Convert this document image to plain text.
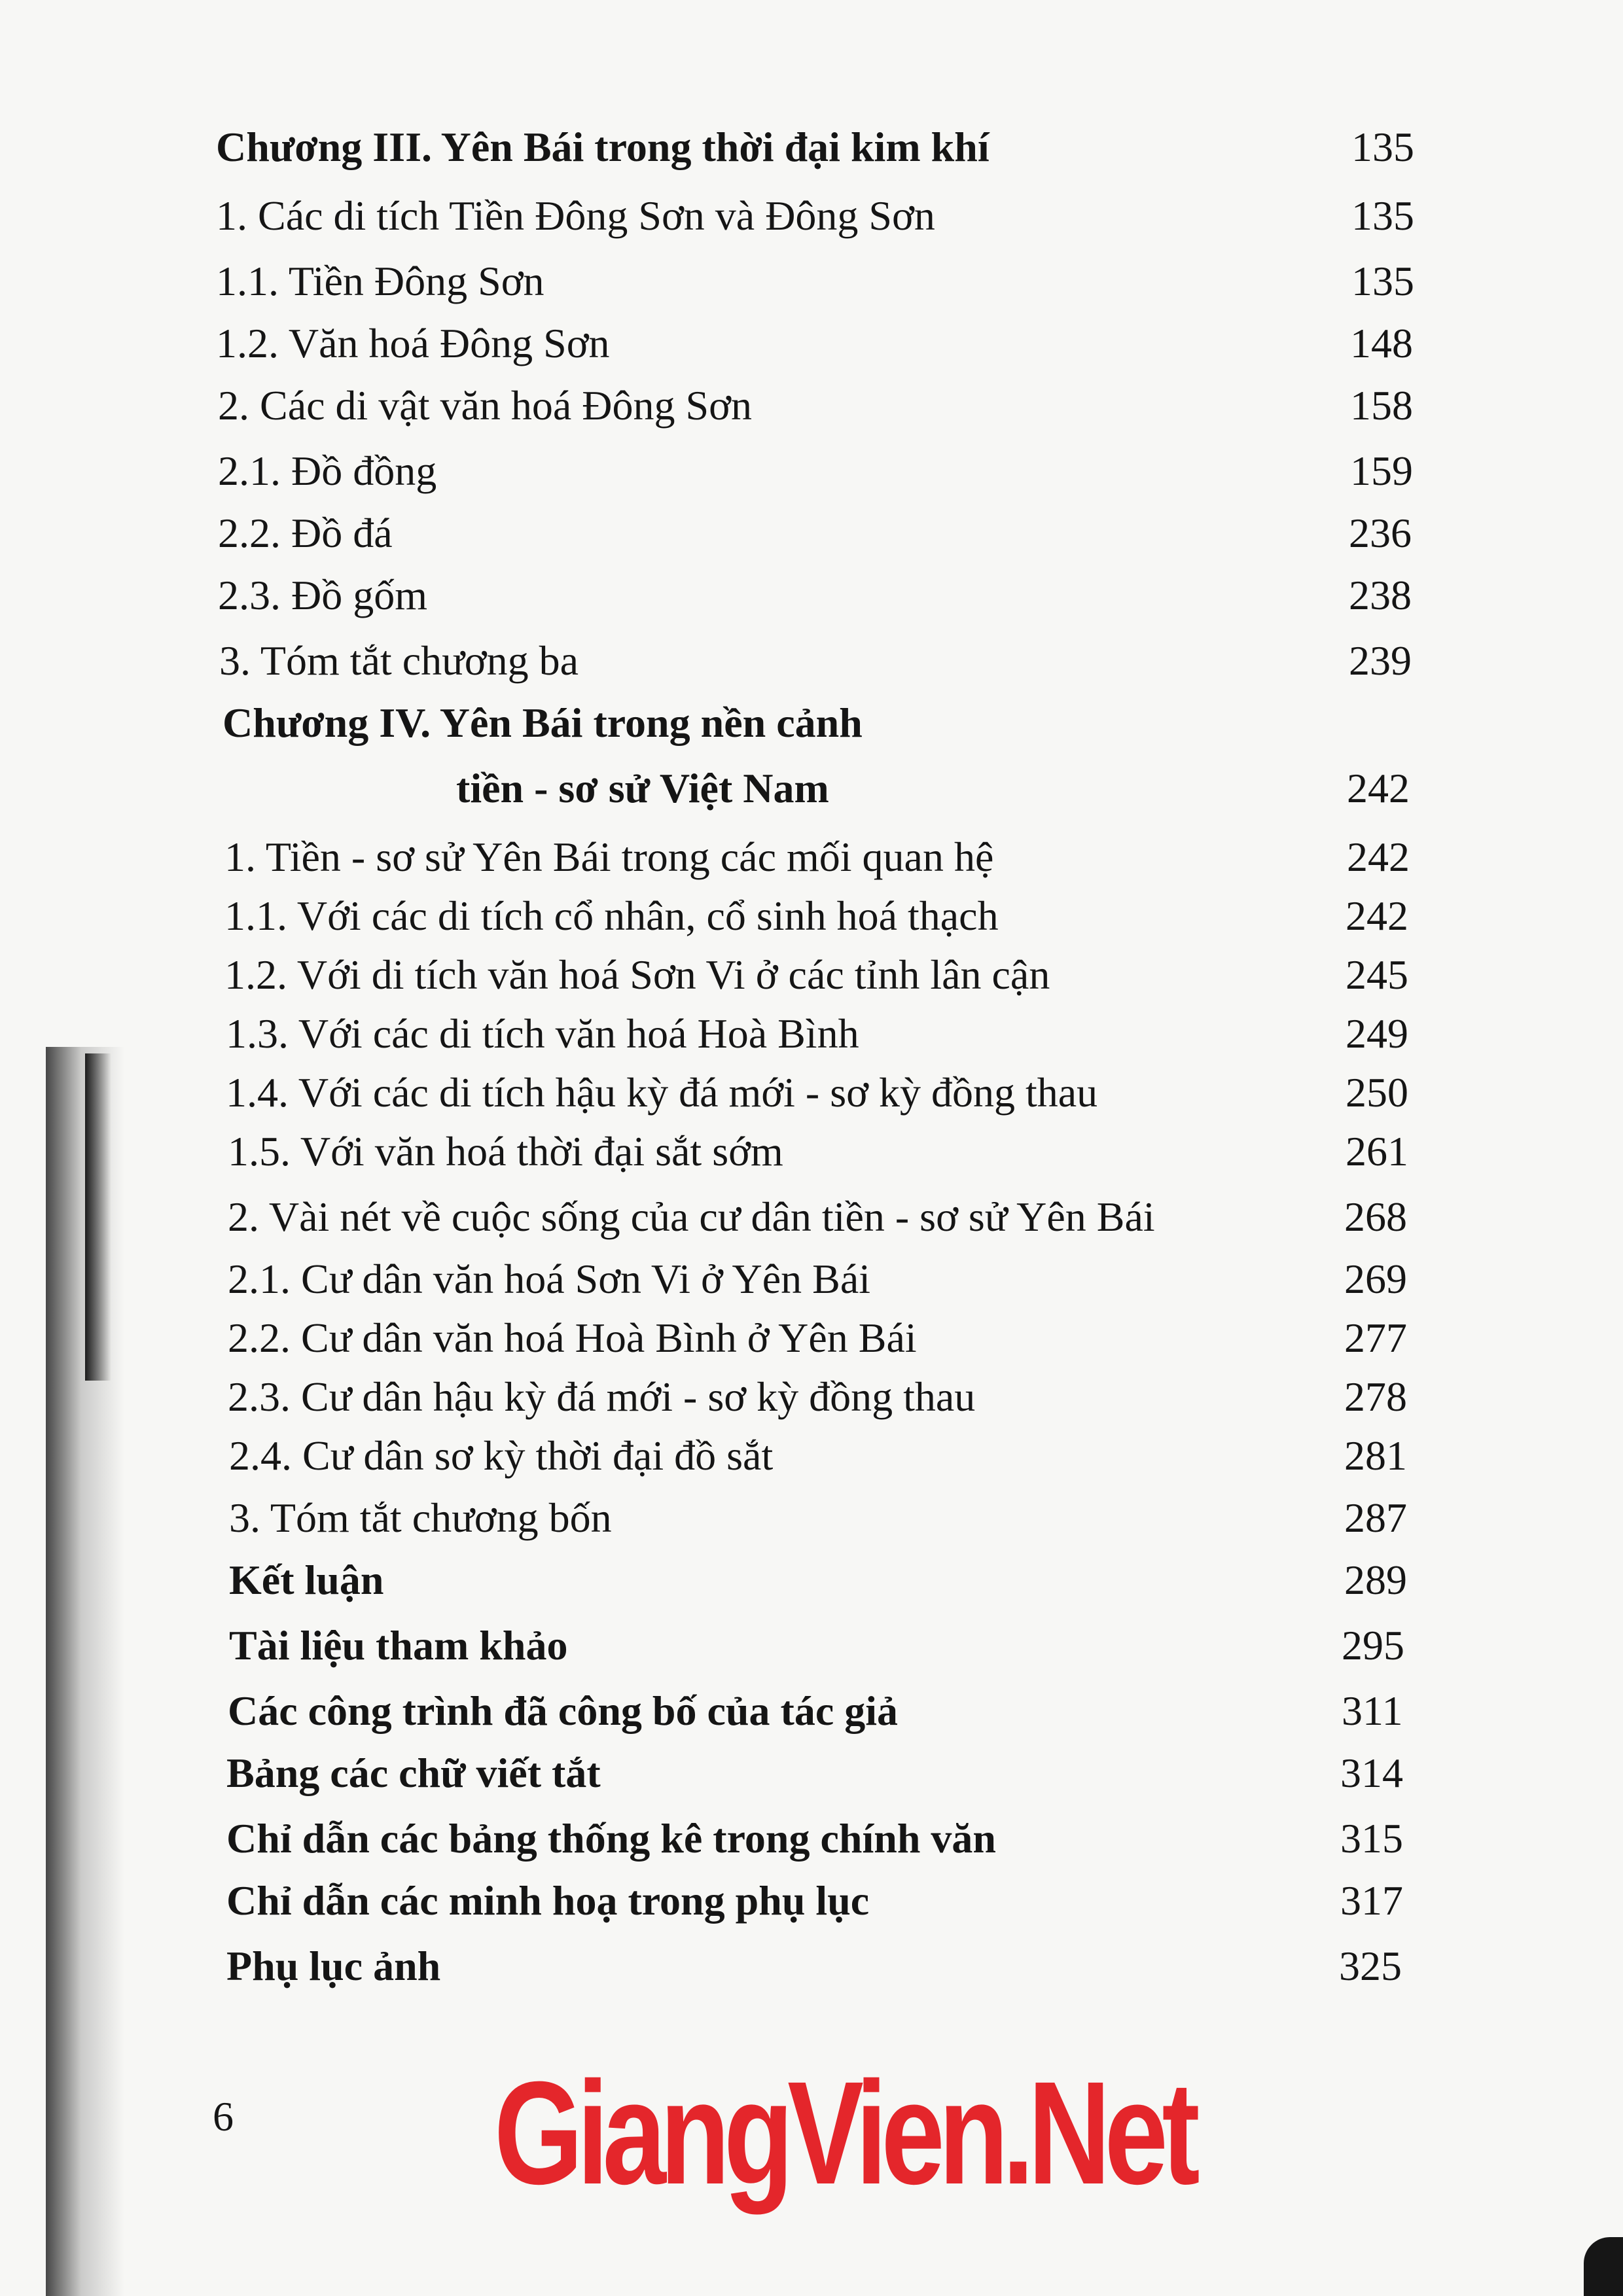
Chương III. Yên Bái trong thời đại kim khí	135
1. Các di tích Tiền Đông Sơn và Đông Sơn	135
1.1. Tiền Đông Sơn	135
1.2. Văn hoá Đông Sơn	148
2. Các di vật văn hoá Đông Sơn	158
2.1. Đồ đồng	159
2.2. Đồ đá	236
2.3. Đồ gốm	238
3. Tóm tắt chương ba	239
Chương IV. Yên Bái trong nền cảnh
tiền - sơ sử Việt Nam	242
1. Tiền - sơ sử Yên Bái trong các mối quan hệ	242
1.1. Với các di tích cổ nhân, cổ sinh hoá thạch	242
1.2. Với di tích văn hoá Sơn Vi ở các tỉnh lân cận	245
1.3. Với các di tích văn hoá Hoà Bình	249
1.4. Với các di tích hậu kỳ đá mới - sơ kỳ đồng thau	250
1.5. Với văn hoá thời đại sắt sớm	261
2. Vài nét về cuộc sống của cư dân tiền - sơ sử Yên Bái	268
2.1. Cư dân văn hoá Sơn Vi ở Yên Bái	269
2.2. Cư dân văn hoá Hoà Bình ở Yên Bái	277
2.3. Cư dân hậu kỳ đá mới - sơ kỳ đồng thau	278
2.4. Cư dân sơ kỳ thời đại đồ sắt	281
3. Tóm tắt chương bốn	287
Kết luận	289
Tài liệu tham khảo	295
Các công trình đã công bố của tác giả	311
Bảng các chữ viết tắt	314
Chỉ dẫn các bảng thống kê trong chính văn	315
Chỉ dẫn các minh hoạ trong phụ lục	317
Phụ lục ảnh	325
6 GiangVien.Net
